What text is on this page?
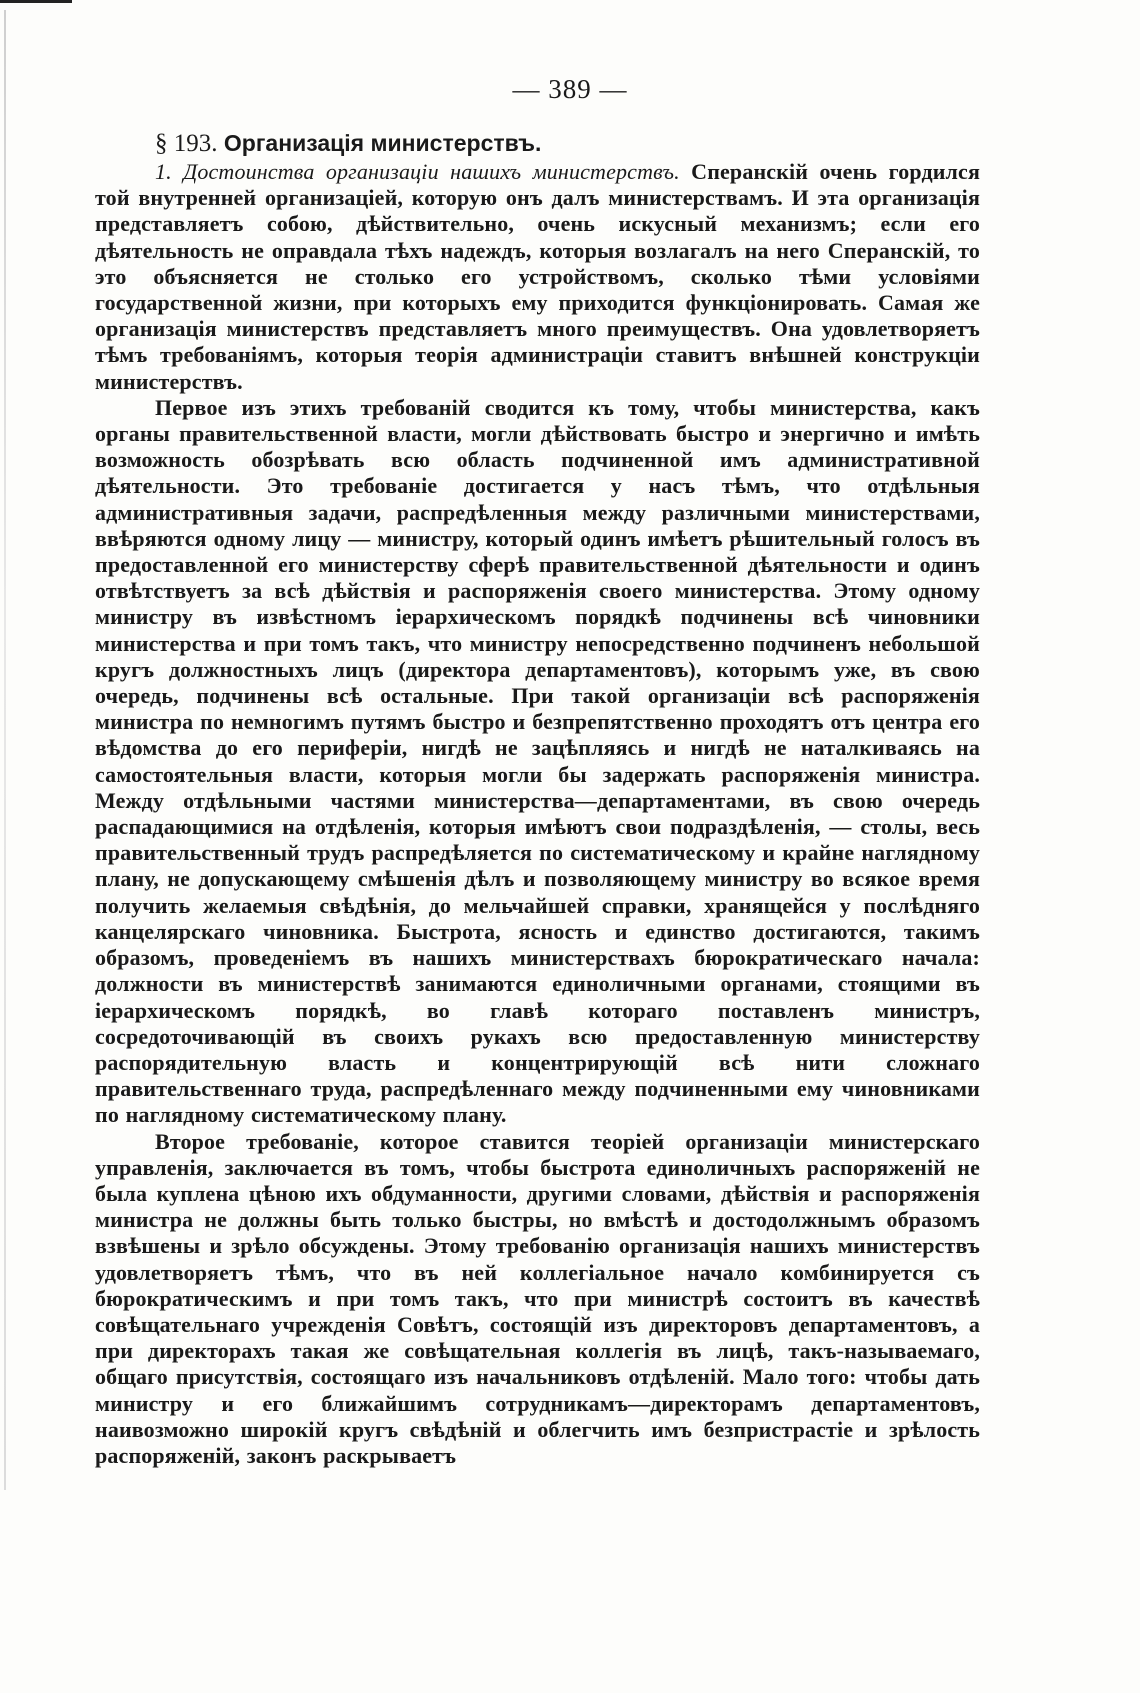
— 389 —
§ 193. Организація министерствъ.

1. Достоинства организаціи нашихъ министерствъ. Сперанскій очень гордился той внутренней организаціей, которую онъ далъ министерствамъ. И эта организація представляетъ собою, дѣйствительно, очень искусный механизмъ; если его дѣятельность не оправдала тѣхъ надеждъ, которыя возлагалъ на него Сперанскій, то это объясняется не столько его устройствомъ, сколько тѣми условіями государственной жизни, при которыхъ ему приходится функціонировать. Самая же организація министерствъ представляетъ много преимуществъ. Она удовлетворяетъ тѣмъ требованіямъ, которыя теорія администраціи ставитъ внѣшней конструкціи министерствъ.

Первое изъ этихъ требованій сводится къ тому, чтобы министерства, какъ органы правительственной власти, могли дѣйствовать быстро и энергично и имѣть возможность обозрѣвать всю область подчиненной имъ административной дѣятельности. Это требованіе достигается у насъ тѣмъ, что отдѣльныя административныя задачи, распредѣленныя между различными министерствами, ввѣряются одному лицу — министру, который одинъ имѣетъ рѣшительный голосъ въ предоставленной его министерству сферѣ правительственной дѣятельности и одинъ отвѣтствуетъ за всѣ дѣйствія и распоряженія своего министерства. Этому одному министру въ извѣстномъ іерархическомъ порядкѣ подчинены всѣ чиновники министерства и при томъ такъ, что министру непосредственно подчиненъ небольшой кругъ должностныхъ лицъ (директора департаментовъ), которымъ уже, въ свою очередь, подчинены всѣ остальные. При такой организаціи всѣ распоряженія министра по немногимъ путямъ быстро и безпрепятственно проходятъ отъ центра его вѣдомства до его периферіи, нигдѣ не зацѣпляясь и нигдѣ не наталкиваясь на самостоятельныя власти, которыя могли бы задержать распоряженія министра. Между отдѣльными частями министерства—департаментами, въ свою очередь распадающимися на отдѣленія, которыя имѣютъ свои подраздѣленія, — столы, весь правительственный трудъ распредѣляется по систематическому и крайне наглядному плану, не допускающему смѣшенія дѣлъ и позволяющему министру во всякое время получить желаемыя свѣдѣнія, до мельчайшей справки, хранящейся у послѣдняго канцелярскаго чиновника. Быстрота, ясность и единство достигаются, такимъ образомъ, проведеніемъ въ нашихъ министерствахъ бюрократическаго начала: должности въ министерствѣ занимаются единоличными органами, стоящими въ іерархическомъ порядкѣ, во главѣ котораго поставленъ министръ, сосредоточивающій въ своихъ рукахъ всю предоставленную министерству распорядительную власть и концентрирующій всѣ нити сложнаго правительственнаго труда, распредѣленнаго между подчиненными ему чиновниками по наглядному систематическому плану.

Второе требованіе, которое ставится теоріей организаціи министерскаго управленія, заключается въ томъ, чтобы быстрота единоличныхъ распоряженій не была куплена цѣною ихъ обдуманности, другими словами, дѣйствія и распоряженія министра не должны быть только быстры, но вмѣстѣ и достодолжнымъ образомъ взвѣшены и зрѣло обсуждены. Этому требованію организація нашихъ министерствъ удовлетворяетъ тѣмъ, что въ ней коллегіальное начало комбинируется съ бюрократическимъ и при томъ такъ, что при министрѣ состоитъ въ качествѣ совѣщательнаго учрежденія Совѣтъ, состоящій изъ директоровъ департаментовъ, а при директорахъ такая же совѣщательная коллегія въ лицѣ, такъ-называемаго, общаго присутствія, состоящаго изъ начальниковъ отдѣленій. Мало того: чтобы дать министру и его ближайшимъ сотрудникамъ—директорамъ департаментовъ, наивозможно широкій кругъ свѣдѣній и облегчить имъ безпристрастіе и зрѣлость распоряженій, законъ раскрываетъ
